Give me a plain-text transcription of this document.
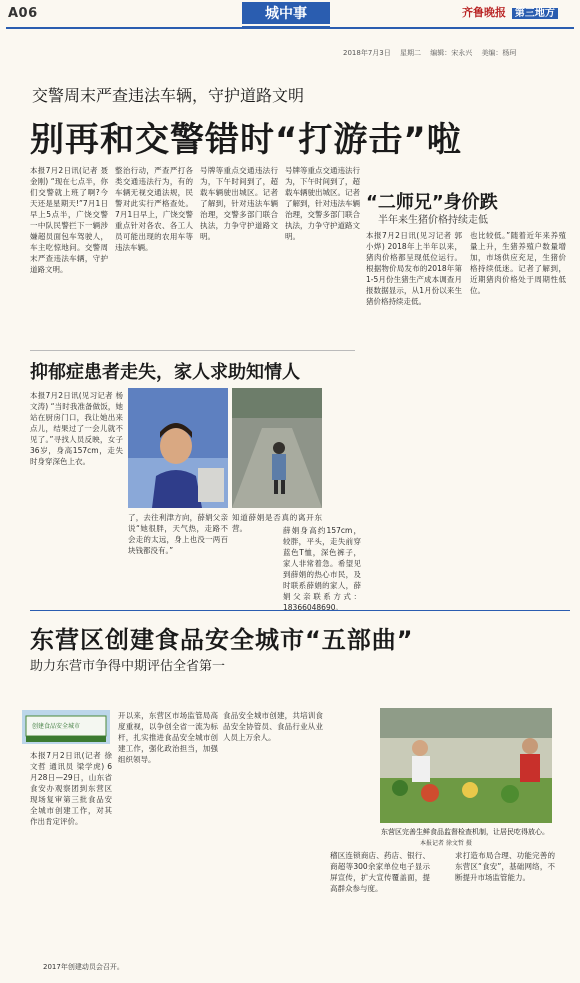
A06	城中事	齐鲁晚报 第三地方
2018年7月3日 星期二 编辑：宋永兴 美编：杨珂
交警周末严查违法车辆，守护道路文明
别再和交警错时“打游击”啦
本报7月2日讯(记者 聂金刚) “现在七点半，你们交警就上班了啊?今天还是星期天!”7月1日早上5点半，广饶交警一中队民警拦下一辆涉嫌超员面包车驾驶人，车主吃惊地问。交警周末严查违法车辆，守护道路文明。
整治行动，严查严打各类交通违法行为，有的车辆无视交通法规，民警对此实行严格查处。7月1日早上，广饶交警重点针对各农、各工人员可能出现的农用车等违法车辆。
号牌等重点交通违法行为，下午时间到了，超载车辆驶出城区。记者了解到，针对违法车辆治理，交警多部门联合执法，力争守护道路文明。
号牌等重点交通违法行为，下午时间到了，超载车辆驶出城区。记者了解到，针对违法车辆治理，交警多部门联合执法，力争守护道路文明。
“二师兄”身价跌
半年来生猪价格持续走低
本报7月2日讯(见习记者 郭小烨) 2018年上半年以来，猪肉价格都呈现低位运行。根据物价局发布的2018年第1-5月份生猪生产成本调查月报数据显示，从1月份以来生猪价格持续走低。
也比较低。”随着近年来养殖量上升，生猪养殖户数量增加，市场供应充足，生猪价格持续低迷。记者了解到，近期猪肉价格处于周期性低位。
抑郁症患者走失，家人求助知情人
本报7月2日讯(见习记者 杨文涛) “当时我准备做饭，她站在厨房门口，我让她出来点儿，结果过了一会儿就不见了。”寻找人员反映，女子36岁，身高157cm，走失时身穿深色上衣。
了，去往利津方向，薛娟父亲说“她很胖，天气热，走路不会走的太远，身上也没一两百块钱都没有。”
知道薛娟是否真的离开东营。	薛娟身高约157cm，较胖，平头，走失前穿蓝色T恤，深色裤子，家人非常着急。希望见到薛娟的热心市民，及时联系薛娟的家人，薛娟父亲联系方式：18366048690。
东营区创建食品安全城市“五部曲”
助力东营市争得中期评估全省第一
创建食品安全城市
本报7月2日讯(记者 徐文哲 通讯员 梁学虎) 6月28日—29日，山东省食安办观察团到东营区现场复审第三批食品安全城市创建工作，对其作出肯定评价。
开以来，东营区市场监管局高度重视，以争创全省一流为标杆，扎实推进食品安全城市创建工作，强化政治担当，加强组织领导。
食品安全城市创建，共培训食品安全协管员、食品行业从业人员上万余人。
东营区完善生鲜食品监督检查机制，让居民吃得放心。
本报记者 徐文哲 摄
稽区连锁商店、药店、银行、商超等300余家单位电子显示屏宣传，扩大宣传覆盖面，提高群众参与度。
求打造布局合理、功能完善的东营区“食安”，基础网络，不断提升市场监管能力。
2017年创建动员会召开。
